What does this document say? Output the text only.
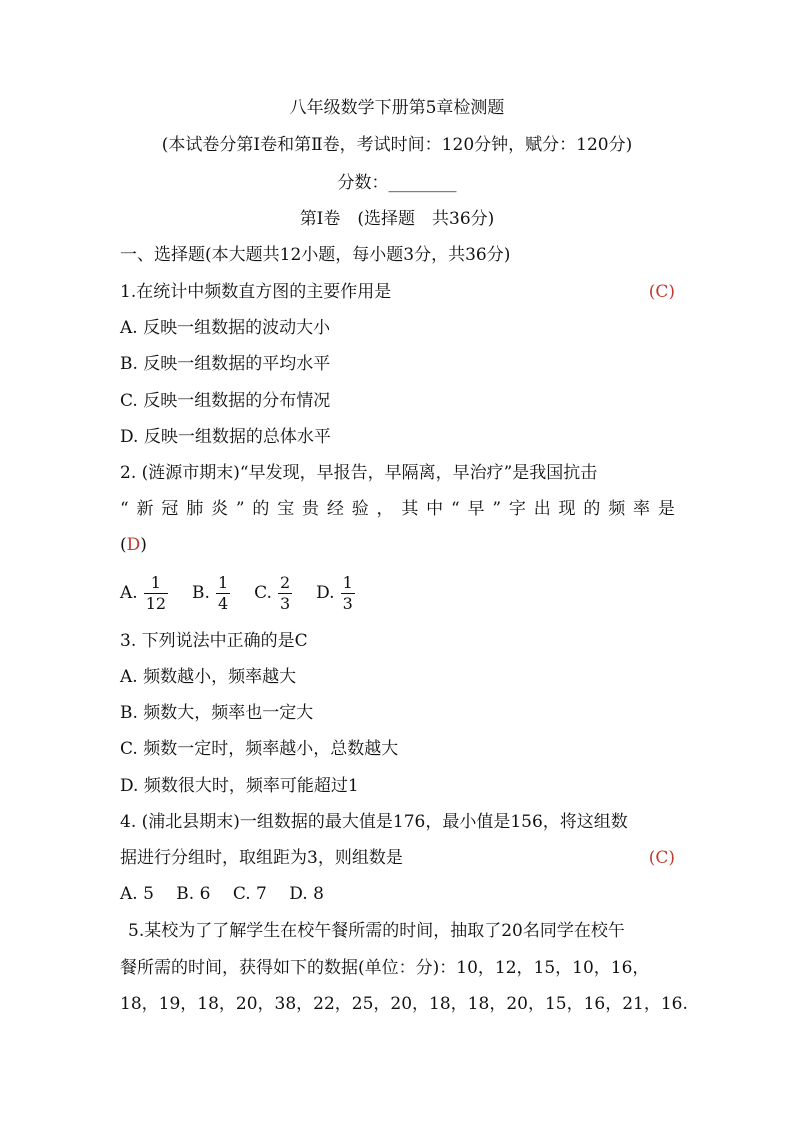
八年级数学下册第5章检测题
(本试卷分第Ⅰ卷和第Ⅱ卷，考试时间：120分钟，赋分：120分)
分数：________
第Ⅰ卷　(选择题　共36分)
一、选择题(本大题共12小题，每小题3分，共36分)
1.在统计中频数直方图的主要作用是	(C)
A. 反映一组数据的波动大小
B. 反映一组数据的平均水平
C. 反映一组数据的分布情况
D. 反映一组数据的总体水平
2. (涟源市期末)“早发现，早报告，早隔离，早治疗”是我国抗击
“ 新 冠 肺 炎 ” 的 宝 贵 经 验 ， 其 中 “ 早 ” 字 出 现 的 频 率 是
(D)
A. $\frac{1}{12} B$. $\frac{1}{4} C$. $\frac{2}{3} D$. $\frac{1}{3}$
3. 下列说法中正确的是C
A. 频数越小，频率越大
B. 频数大，频率也一定大
C. 频数一定时，频率越小，总数越大
D. 频数很大时，频率可能超过1
4. (浦北县期末)一组数据的最大值是176，最小值是156，将这组数
据进行分组时，取组距为3，则组数是	(C)
A. 5　 B. 6　 C. 7　 D. 8
5.某校为了了解学生在校午餐所需的时间，抽取了20名同学在校午
餐所需的时间，获得如下的数据(单位：分)：10，12，15，10，16，
18，19，18，20，38，22，25，20，18，18，20，15，16，21，16.
